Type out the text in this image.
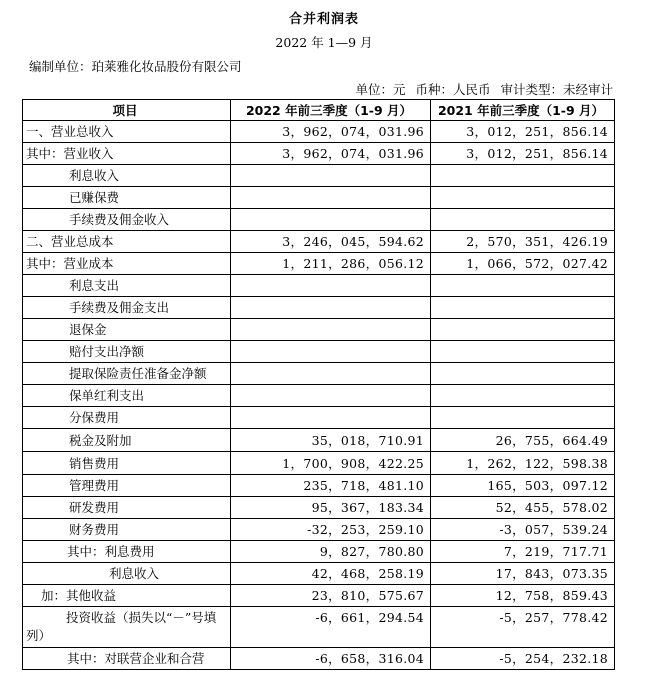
合并利润表
2022 年 1—9 月
编制单位：珀莱雅化妆品股份有限公司
单位：元 币种：人民币 审计类型：未经审计
项目	2022 年前三季度（1-9 月）	2021 年前三季度（1-9 月）
一、营业总收入	3，962，074，031.96	3，012，251，856.14
其中：营业收入	3，962，074，031.96	3，012，251，856.14
利息收入		
已赚保费		
手续费及佣金收入		
二、营业总成本	3，246，045，594.62	2，570，351，426.19
其中：营业成本	1，211，286，056.12	1，066，572，027.42
利息支出		
手续费及佣金支出		
退保金		
赔付支出净额		
提取保险责任准备金净额		
保单红利支出		
分保费用		
税金及附加	35，018，710.91	26，755，664.49
销售费用	1，700，908，422.25	1，262，122，598.38
管理费用	235，718，481.10	165，503，097.12
研发费用	95，367，183.34	52，455，578.02
财务费用	-32，253，259.10	-3，057，539.24
其中：利息费用	9，827，780.80	7，219，717.71
利息收入	42，468，258.19	17，843，073.35
加：其他收益	23，810，575.67	12，758，859.43
投资收益（损失以“－”号填列）	-6，661，294.54	-5，257，778.42
其中：对联营企业和合营	-6，658，316.04	-5，254，232.18
